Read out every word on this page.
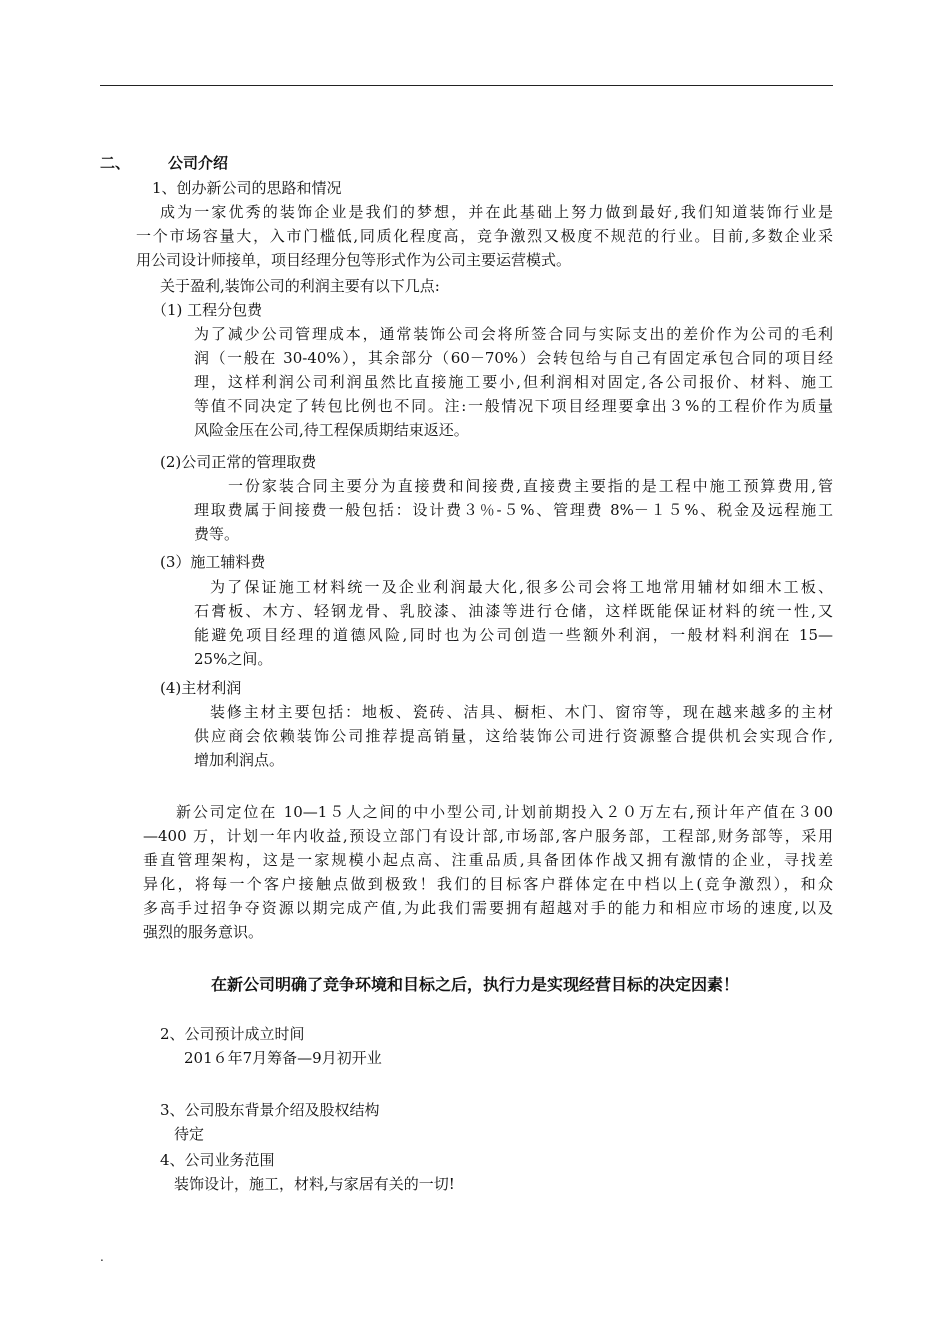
二、	公司介绍
1、创办新公司的思路和情况
成为一家优秀的装饰企业是我们的梦想，并在此基础上努力做到最好,我们知道装饰行业是
一个市场容量大，入市门槛低,同质化程度高，竞争激烈又极度不规范的行业。目前,多数企业采
用公司设计师接单，项目经理分包等形式作为公司主要运营模式。
关于盈利,装饰公司的利润主要有以下几点:
（1) 工程分包费
为了减少公司管理成本，通常装饰公司会将所签合同与实际支出的差价作为公司的毛利
润（一般在 30-40%），其余部分（60－70%）会转包给与自己有固定承包合同的项目经
理，这样利润公司利润虽然比直接施工要小,但利润相对固定,各公司报价、材料、施工
等值不同决定了转包比例也不同。注:一般情况下项目经理要拿出３%的工程价作为质量
风险金压在公司,待工程保质期结束返还。
(2)公司正常的管理取费
一份家装合同主要分为直接费和间接费,直接费主要指的是工程中施工预算费用,管
理取费属于间接费一般包括：设计费３％-５%、管理费 8%－１５%、税金及远程施工
费等。
(3）施工辅料费
为了保证施工材料统一及企业利润最大化,很多公司会将工地常用辅材如细木工板、
石膏板、木方、轻钢龙骨、乳胶漆、油漆等进行仓储，这样既能保证材料的统一性,又
能避免项目经理的道德风险,同时也为公司创造一些额外利润，一般材料利润在 15—
25%之间。
(4)主材利润
装修主材主要包括：地板、瓷砖、洁具、橱柜、木门、窗帘等，现在越来越多的主材
供应商会依赖装饰公司推荐提高销量，这给装饰公司进行资源整合提供机会实现合作,
增加利润点。
新公司定位在 10—1５人之间的中小型公司,计划前期投入２０万左右,预计年产值在３00
—400 万，计划一年内收益,预设立部门有设计部,市场部,客户服务部，工程部,财务部等，采用
垂直管理架构，这是一家规模小起点高、注重品质,具备团体作战又拥有激情的企业，寻找差
异化，将每一个客户接触点做到极致！我们的目标客户群体定在中档以上(竞争激烈），和众
多高手过招争夺资源以期完成产值,为此我们需要拥有超越对手的能力和相应市场的速度,以及
强烈的服务意识。
在新公司明确了竞争环境和目标之后，执行力是实现经营目标的决定因素！
2、公司预计成立时间
201６年7月筹备—9月初开业
3、公司股东背景介绍及股权结构
待定
4、公司业务范围
装饰设计，施工，材料,与家居有关的一切!
.
